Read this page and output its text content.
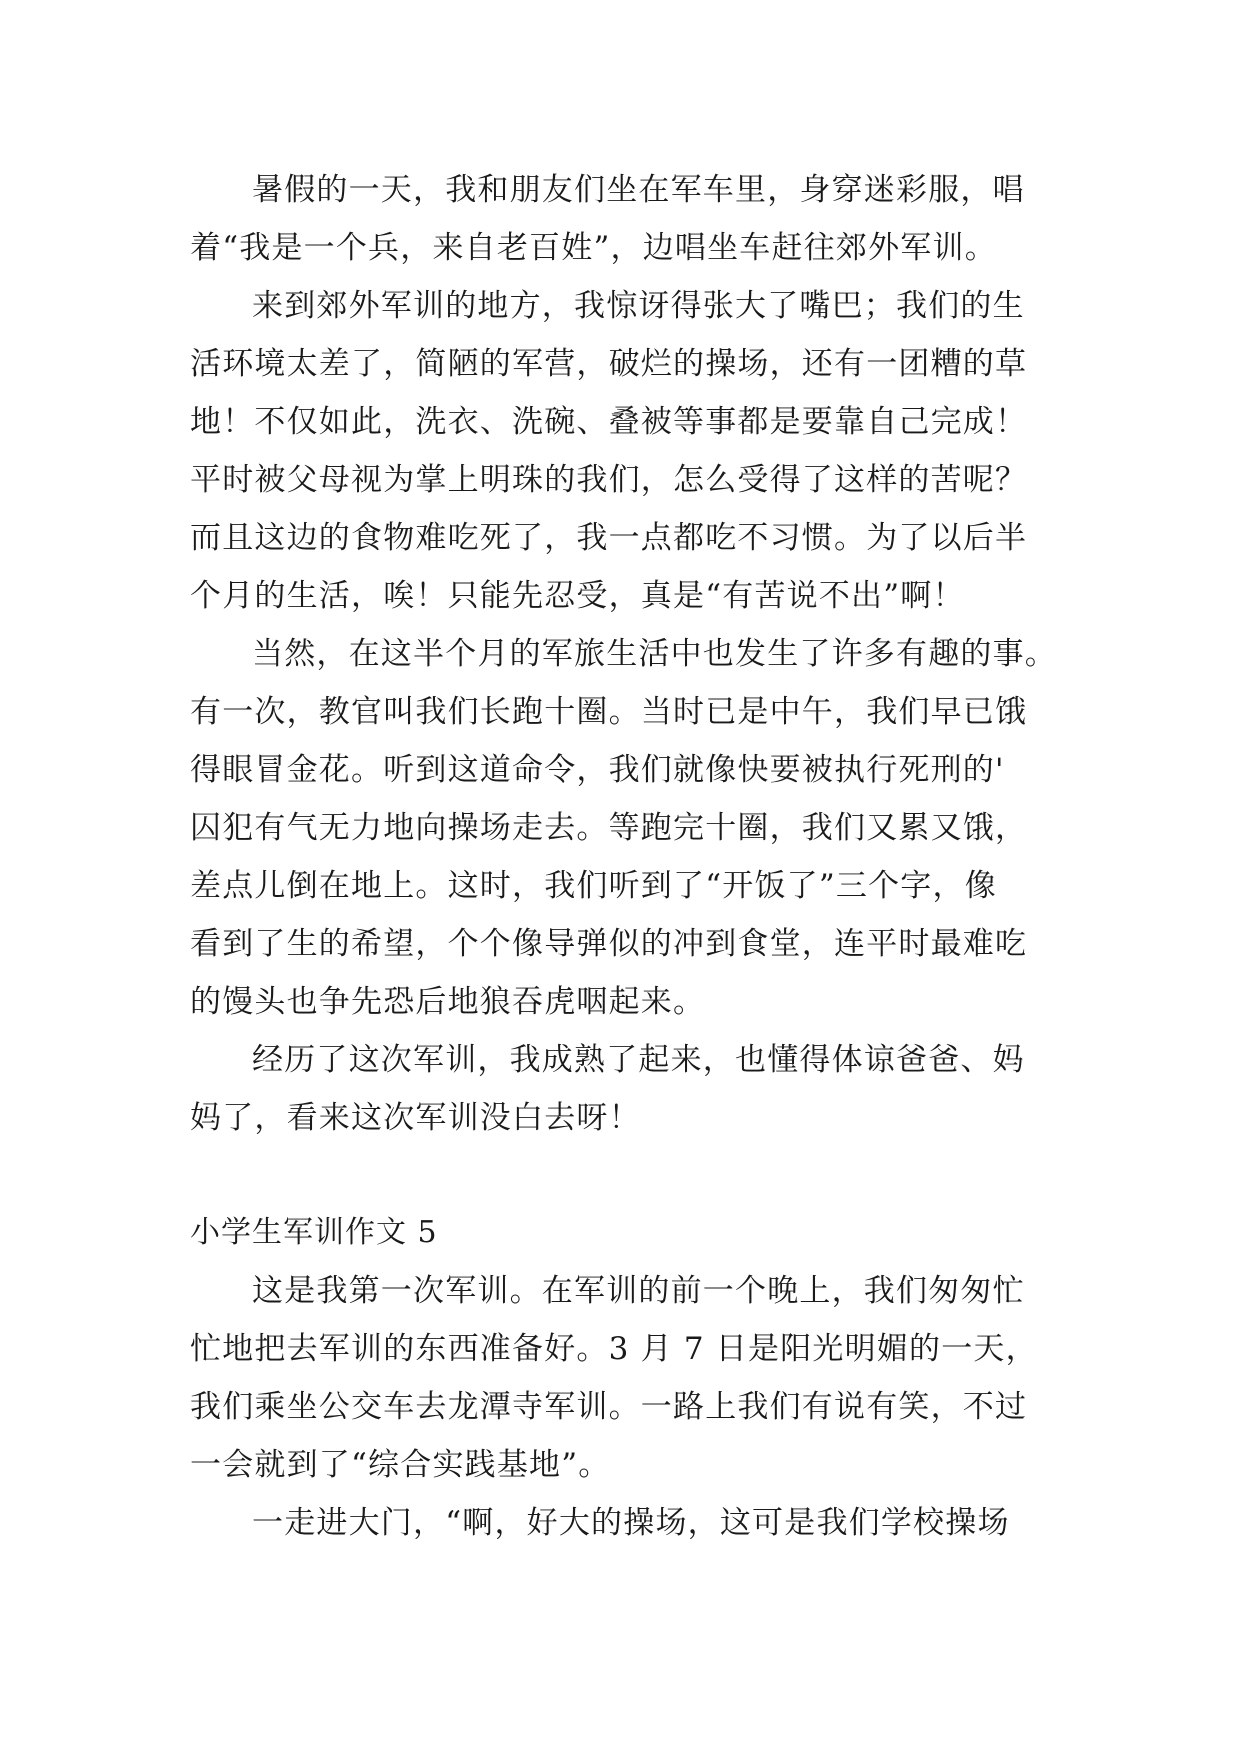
暑假的一天，我和朋友们坐在军车里，身穿迷彩服，唱
着“我是一个兵，来自老百姓”，边唱坐车赶往郊外军训。
来到郊外军训的地方，我惊讶得张大了嘴巴；我们的生
活环境太差了，简陋的军营，破烂的操场，还有一团糟的草
地！不仅如此，洗衣、洗碗、叠被等事都是要靠自己完成！
平时被父母视为掌上明珠的我们，怎么受得了这样的苦呢？
而且这边的食物难吃死了，我一点都吃不习惯。为了以后半
个月的生活，唉！只能先忍受，真是“有苦说不出”啊！
当然，在这半个月的军旅生活中也发生了许多有趣的事。
有一次，教官叫我们长跑十圈。当时已是中午，我们早已饿
得眼冒金花。听到这道命令，我们就像快要被执行死刑的'
囚犯有气无力地向操场走去。等跑完十圈，我们又累又饿，
差点儿倒在地上。这时，我们听到了“开饭了”三个字，像
看到了生的希望，个个像导弹似的冲到食堂，连平时最难吃
的馒头也争先恐后地狼吞虎咽起来。
经历了这次军训，我成熟了起来，也懂得体谅爸爸、妈
妈了，看来这次军训没白去呀！
小学生军训作文 5
这是我第一次军训。在军训的前一个晚上，我们匆匆忙
忙地把去军训的东西准备好。3 月 7 日是阳光明媚的一天，
我们乘坐公交车去龙潭寺军训。一路上我们有说有笑，不过
一会就到了“综合实践基地”。
一走进大门，“啊，好大的操场，这可是我们学校操场
